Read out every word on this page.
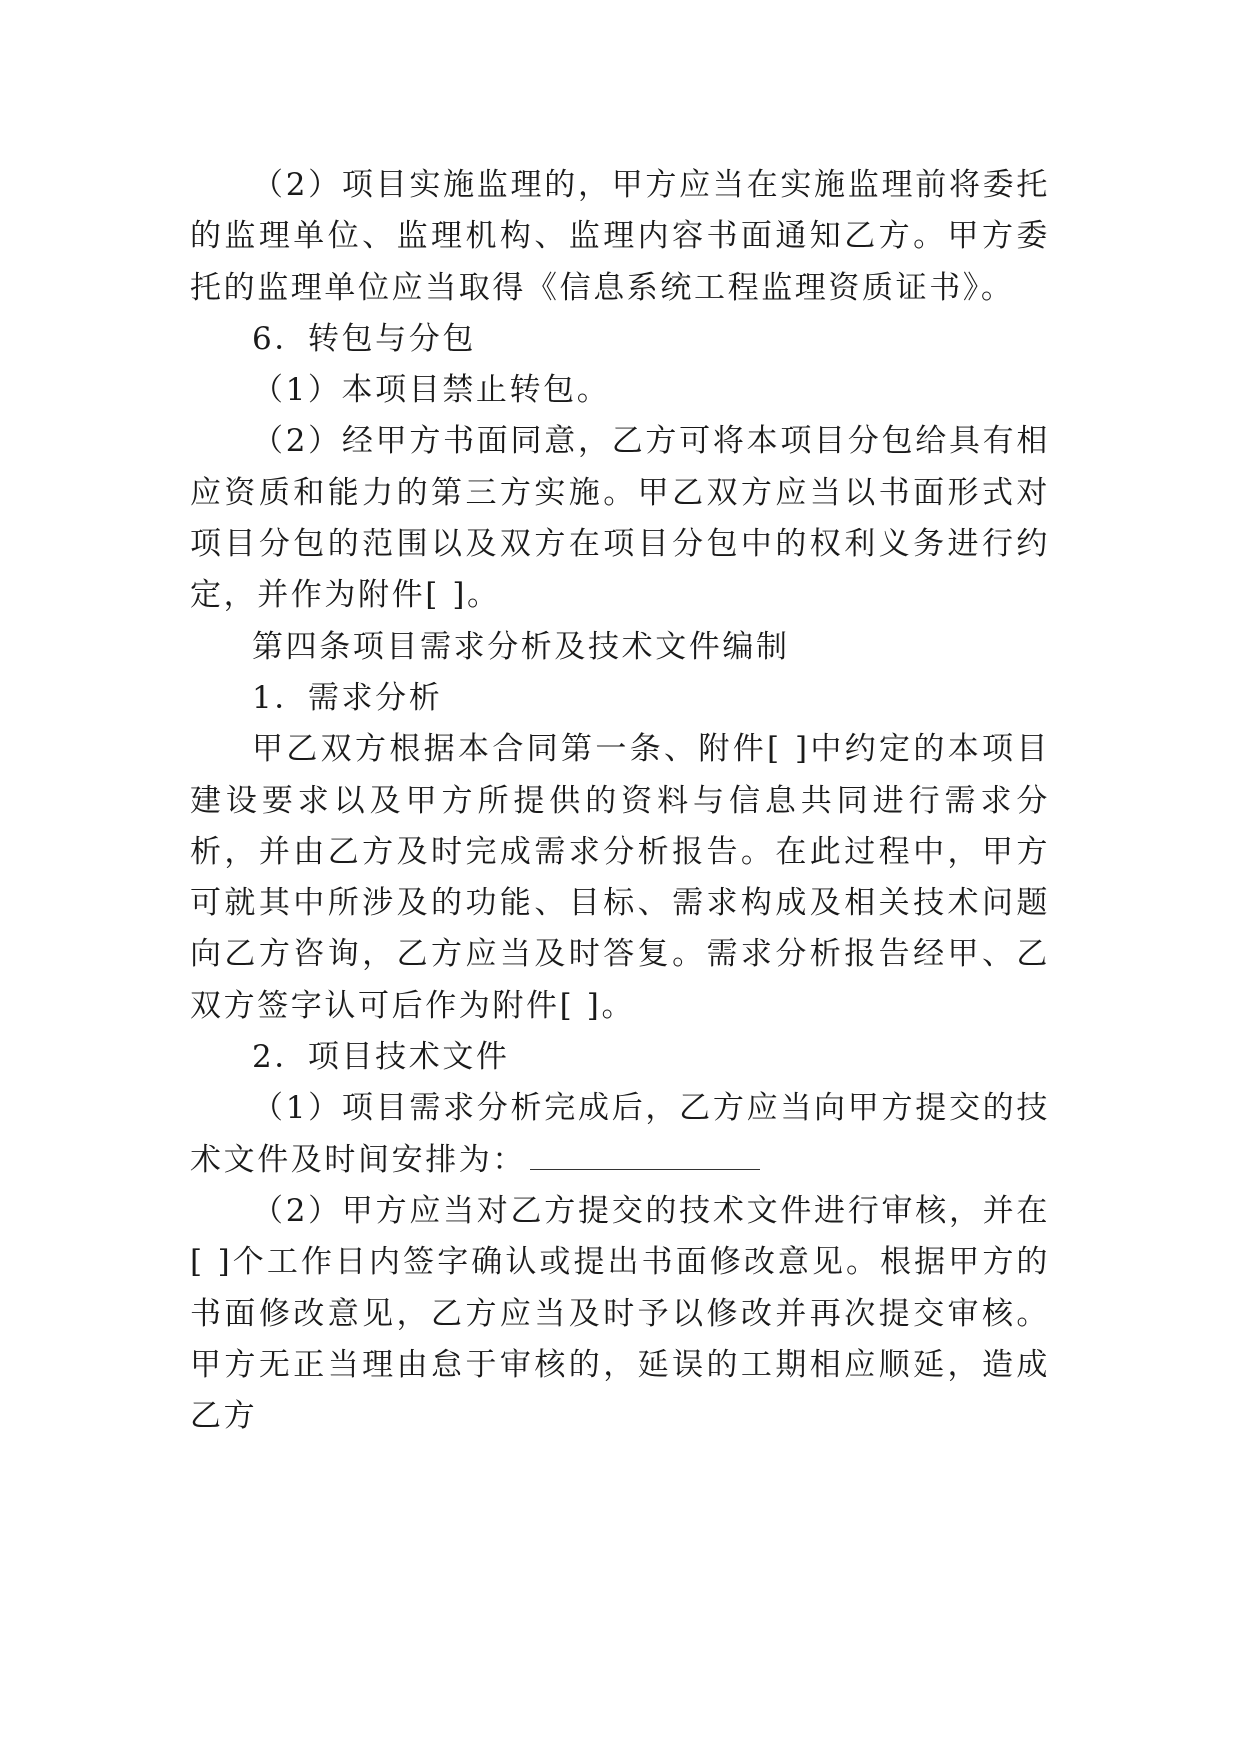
（2）项目实施监理的，甲方应当在实施监理前将委托的监理单位、监理机构、监理内容书面通知乙方。甲方委托的监理单位应当取得《信息系统工程监理资质证书》。

6．转包与分包

（1）本项目禁止转包。

（2）经甲方书面同意，乙方可将本项目分包给具有相应资质和能力的第三方实施。甲乙双方应当以书面形式对项目分包的范围以及双方在项目分包中的权利义务进行约定，并作为附件[ ]。

第四条项目需求分析及技术文件编制

1．需求分析

甲乙双方根据本合同第一条、附件[ ]中约定的本项目建设要求以及甲方所提供的资料与信息共同进行需求分析，并由乙方及时完成需求分析报告。在此过程中，甲方可就其中所涉及的功能、目标、需求构成及相关技术问题向乙方咨询，乙方应当及时答复。需求分析报告经甲、乙双方签字认可后作为附件[ ]。

2．项目技术文件

（1）项目需求分析完成后，乙方应当向甲方提交的技术文件及时间安排为：

（2）甲方应当对乙方提交的技术文件进行审核，并在[ ]个工作日内签字确认或提出书面修改意见。根据甲方的书面修改意见，乙方应当及时予以修改并再次提交审核。甲方无正当理由怠于审核的，延误的工期相应顺延，造成乙方
